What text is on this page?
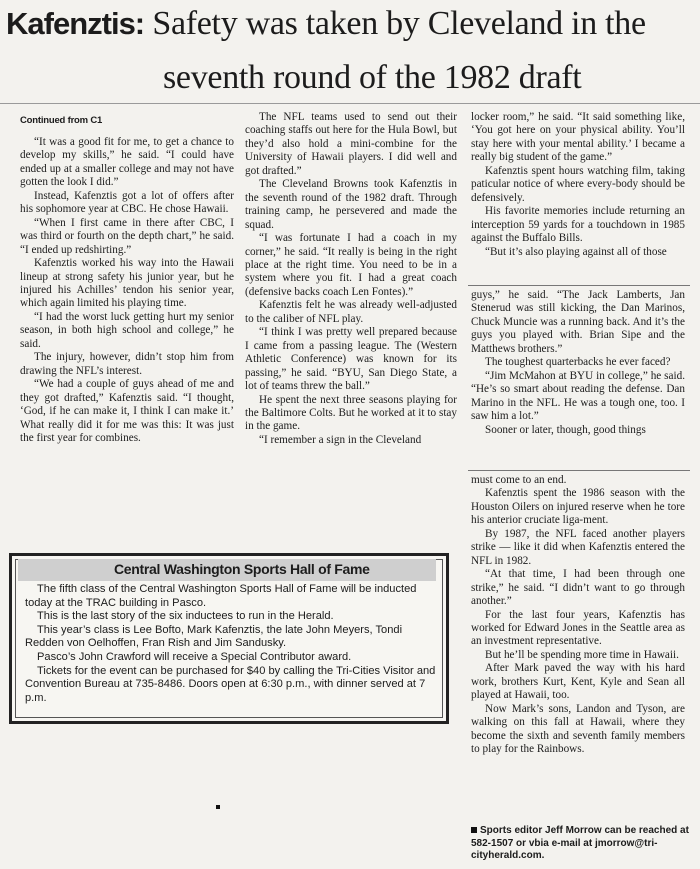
Kafenztis: Safety was taken by Cleveland in the
seventh round of the 1982 draft
Continued from C1

“It was a good fit for me, to get a chance to develop my skills,” he said. “I could have ended up at a smaller college and may not have gotten the look I did.”

Instead, Kafenztis got a lot of offers after his sophomore year at CBC. He chose Hawaii.

“When I first came in there after CBC, I was third or fourth on the depth chart,” he said. “I ended up redshirting.”

Kafenztis worked his way into the Hawaii lineup at strong safety his junior year, but he injured his Achilles’ tendon his senior year, which again limited his playing time.

“I had the worst luck getting hurt my senior season, in both high school and college,” he said.

The injury, however, didn’t stop him from drawing the NFL’s interest.

“We had a couple of guys ahead of me and they got drafted,” Kafenztis said. “I thought, ‘God, if he can make it, I think I can make it.’ What really did it for me was this: It was just the first year for combines.

The NFL teams used to send out their coaching staffs out here for the Hula Bowl, but they’d also hold a mini-combine for the University of Hawaii players. I did well and got drafted.”

The Cleveland Browns took Kafenztis in the seventh round of the 1982 draft. Through training camp, he persevered and made the squad.

“I was fortunate I had a coach in my corner,” he said. “It really is being in the right place at the right time. You need to be in a system where you fit. I had a great coach (defensive backs coach Len Fontes).”

Kafenztis felt he was already well-adjusted to the caliber of NFL play.

“I think I was pretty well prepared because I came from a passing league. The (Western Athletic Conference) was known for its passing,” he said. “BYU, San Diego State, a lot of teams threw the ball.”

He spent the next three seasons playing for the Baltimore Colts. But he worked at it to stay in the game.

“I remember a sign in the Cleveland

locker room,” he said. “It said something like, ‘You got here on your physical ability. You’ll stay here with your mental ability.’ I became a really big student of the game.”

Kafenztis spent hours watching film, taking paticular notice of where every-body should be defensively.

His favorite memories include returning an interception 59 yards for a touchdown in 1985 against the Buffalo Bills.

“But it’s also playing against all of those

guys,” he said. “The Jack Lamberts, Jan Stenerud was still kicking, the Dan Marinos, Chuck Muncie was a running back. And it’s the guys you played with. Brian Sipe and the Matthews brothers.”

The toughest quarterbacks he ever faced?

“Jim McMahon at BYU in college,” he said. “He’s so smart about reading the defense. Dan Marino in the NFL. He was a tough one, too. I saw him a lot.”

Sooner or later, though, good things

must come to an end.

Kafenztis spent the 1986 season with the Houston Oilers on injured reserve when he tore his anterior cruciate liga-ment.

By 1987, the NFL faced another players strike — like it did when Kafenztis entered the NFL in 1982.

“At that time, I had been through one strike,” he said. “I didn’t want to go through another.”

For the last four years, Kafenztis has worked for Edward Jones in the Seattle area as an investment representative.

But he’ll be spending more time in Hawaii.

After Mark paved the way with his hard work, brothers Kurt, Kent, Kyle and Sean all played at Hawaii, too.

Now Mark’s sons, Landon and Tyson, are walking on this fall at Hawaii, where they become the sixth and seventh family members to play for the Rainbows.

Central Washington Sports Hall of Fame

The fifth class of the Central Washington Sports Hall of Fame will be inducted today at the TRAC building in Pasco.

This is the last story of the six inductees to run in the Herald.

This year’s class is Lee Bofto, Mark Kafenztis, the late John Meyers, Tondi Redden von Oelhoffen, Fran Rish and Jim Sandusky.

Pasco’s John Crawford will receive a Special Contributor award.

Tickets for the event can be purchased for $40 by calling the Tri-Cities Visitor and Convention Bureau at 735-8486. Doors open at 6:30 p.m., with dinner served at 7 p.m.

Sports editor Jeff Morrow can be reached at 582-1507 or vbia e-mail at jmorrow@tri-cityherald.com.
